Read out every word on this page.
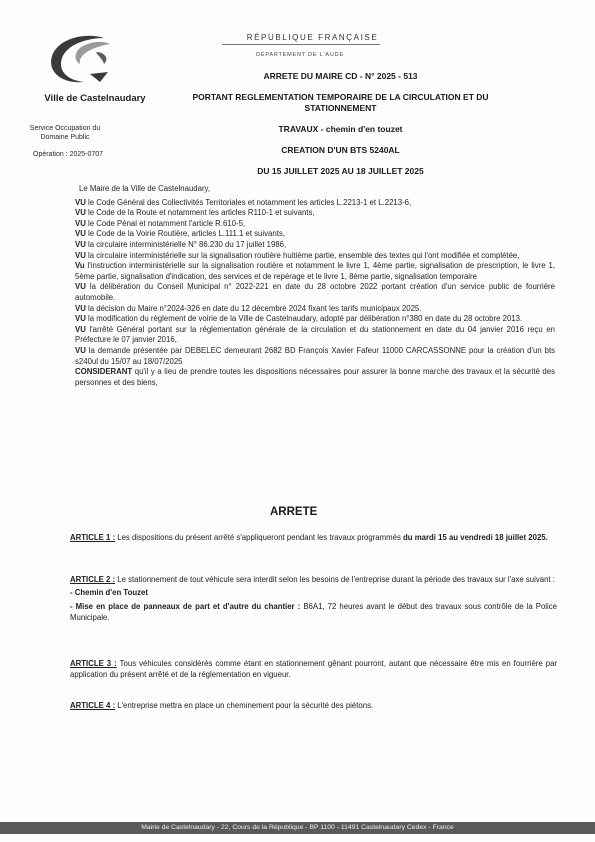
Ville de Castelnaudary
Service Occupation du Domaine Public
Opération : 2025-0707
RÉPUBLIQUE FRANÇAISE
DÉPARTEMENT DE L'AUDE
ARRETE DU MAIRE CD - N° 2025 - 513
PORTANT REGLEMENTATION TEMPORAIRE DE LA CIRCULATION ET DU STATIONNEMENT
TRAVAUX - chemin d'en touzet
CREATION D'UN BTS 5240AL
DU 15 JUILLET 2025 AU 18 JUILLET 2025
Le Maire de la Ville de Castelnaudary,
VU le Code Général des Collectivités Territoriales et notamment les articles L.2213-1 et L.2213-6,
VU le Code de la Route et notamment les articles R110-1 et suivants,
VU le Code Pénal et notamment l'article R.610-5,
VU le Code de la Voirie Routière, articles L.111.1 et suivants,
VU la circulaire interministérielle N° 86.230 du 17 juillet 1986,
VU la circulaire interministérielle sur la signalisation routière huitième partie, ensemble des textes qui l'ont modifiée et complétée,
Vu l'instruction interministérielle sur la signalisation routière et notamment le livre 1, 4ème partie, signalisation de prescription, le livre 1, 5ème partie, signalisation d'indication, des services et de repérage et le livre 1, 8ème partie, signalisation temporaire
VU la délibération du Conseil Municipal n° 2022-221 en date du 28 octobre 2022 portant création d'un service public de fourrière automobile.
VU la décision du Maire n°2024-326 en date du 12 décembre 2024 fixant les tarifs municipaux 2025.
VU la modification du règlement de voirie de la Ville de Castelnaudary, adopté par délibération n°380 en date du 28 octobre 2013.
VU l'arrêté Général portant sur la réglementation générale de la circulation et du stationnement en date du 04 janvier 2016 reçu en Préfecture le 07 janvier 2016,
VU la demande présentée par DEBELEC demeurant 2682 BD François Xavier Fafeur 11000 CARCASSONNE pour la création d'un bts s240ul du 15/07 au 18/07/2025
CONSIDERANT qu'il y a lieu de prendre toutes les dispositions nécessaires pour assurer la bonne marche des travaux et la sécurité des personnes et des biens,
ARRETE
ARTICLE 1 : Les dispositions du présent arrêté s'appliqueront pendant les travaux programmés du mardi 15 au vendredi 18 juillet 2025.
ARTICLE 2 : Le stationnement de tout véhicule sera interdit selon les besoins de l'entreprise durant la période des travaux sur l'axe suivant :
- Chemin d'en Touzet
- Mise en place de panneaux de part et d'autre du chantier : B6A1, 72 heures avant le début des travaux sous contrôle de la Police Municipale.
ARTICLE 3 : Tous véhicules considérés comme étant en stationnement gênant pourront, autant que nécessaire être mis en fourrière par application du présent arrêté et de la réglementation en vigueur.
ARTICLE 4 : L'entreprise mettra en place un cheminement pour la sécurité des piétons.
Mairie de Castelnaudary - 22, Cours de la République - BP 1100 - 11491 Castelnaudary Cedex - France
